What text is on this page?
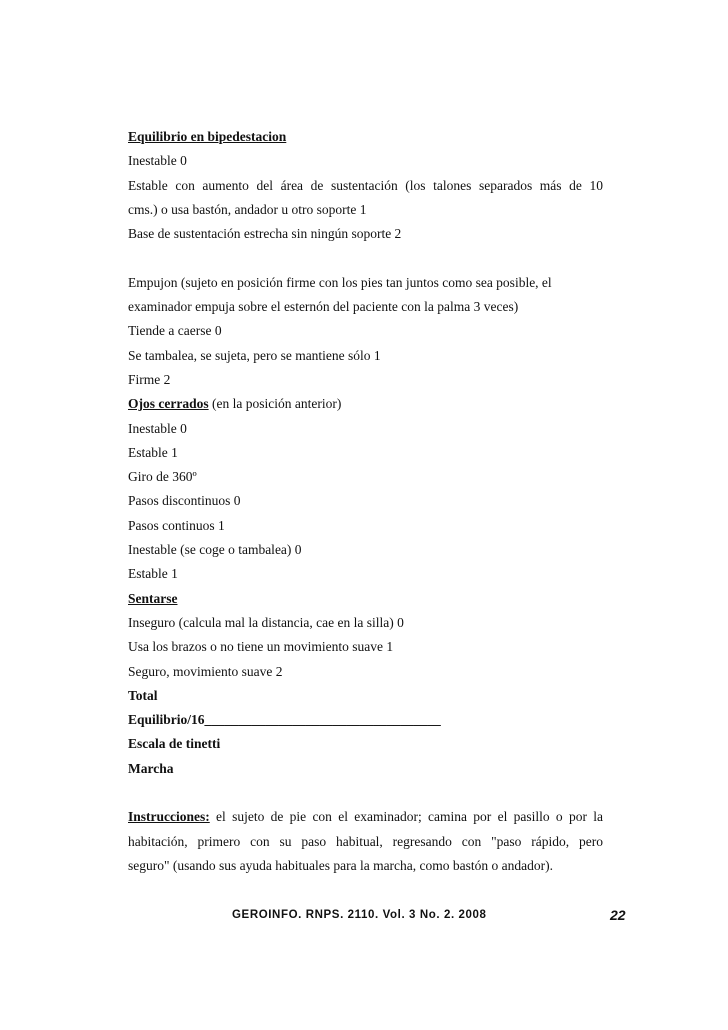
Equilibrio en bipedestacion
Inestable 0
Estable con aumento del área de sustentación (los talones separados más de 10
cms.) o usa bastón, andador u otro soporte 1
Base de sustentación estrecha sin ningún soporte 2
Empujon (sujeto en posición firme con los pies tan juntos como sea posible, el
examinador empuja sobre el esternón del paciente con la palma 3 veces)
Tiende a caerse 0
Se tambalea, se sujeta, pero se mantiene sólo 1
Firme 2
Ojos cerrados (en la posición anterior)
Inestable 0
Estable 1
Giro de 360º
Pasos discontinuos 0
Pasos continuos 1
Inestable (se coge o tambalea) 0
Estable 1
Sentarse
Inseguro (calcula mal la distancia, cae en la silla) 0
Usa los brazos o no tiene un movimiento suave 1
Seguro, movimiento suave 2
Total
Equilibrio/16___________________________________
Escala de tinetti
Marcha
Instrucciones: el sujeto de pie con el examinador; camina por el pasillo o por la
habitación, primero con su paso habitual, regresando con "paso rápido, pero
seguro" (usando sus ayuda habituales para la marcha, como bastón o andador).
GEROINFO. RNPS. 2110. Vol. 3 No. 2. 2008	22
